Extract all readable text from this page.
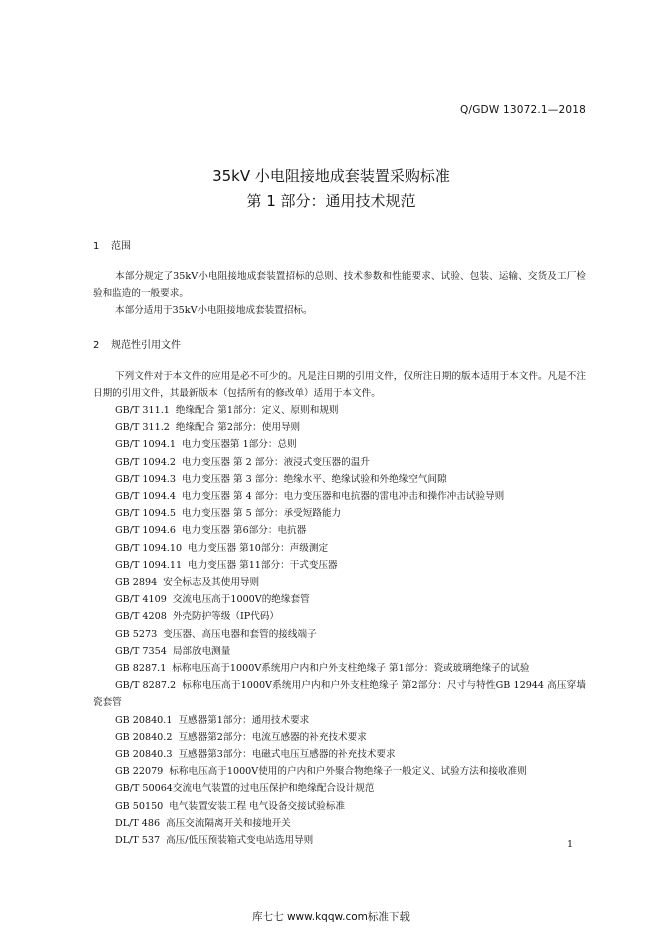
Q/GDW 13072.1—2018
35kV 小电阻接地成套装置采购标准
第 1 部分：通用技术规范
1 范围

本部分规定了35kV小电阻接地成套装置招标的总则、技术参数和性能要求、试验、包装、运输、交货及工厂检验和监造的一般要求。

本部分适用于35kV小电阻接地成套装置招标。

2 规范性引用文件

下列文件对于本文件的应用是必不可少的。凡是注日期的引用文件，仅所注日期的版本适用于本文件。凡是不注日期的引用文件，其最新版本（包括所有的修改单）适用于本文件。

GB/T 311.1 绝缘配合 第1部分：定义、原则和规则
GB/T 311.2 绝缘配合 第2部分：使用导则
GB/T 1094.1 电力变压器第 1部分：总则
GB/T 1094.2 电力变压器 第 2 部分：液浸式变压器的温升
GB/T 1094.3 电力变压器 第 3 部分：绝缘水平、绝缘试验和外绝缘空气间隙
GB/T 1094.4 电力变压器 第 4 部分：电力变压器和电抗器的雷电冲击和操作冲击试验导则
GB/T 1094.5 电力变压器 第 5 部分：承受短路能力
GB/T 1094.6 电力变压器 第6部分：电抗器
GB/T 1094.10 电力变压器 第10部分：声级测定
GB/T 1094.11 电力变压器 第11部分：干式变压器
GB 2894 安全标志及其使用导则
GB/T 4109 交流电压高于1000V的绝缘套管
GB/T 4208 外壳防护等级（IP代码）
GB 5273 变压器、高压电器和套管的接线端子
GB/T 7354 局部放电测量
GB 8287.1 标称电压高于1000V系统用户内和户外支柱绝缘子 第1部分：瓷或玻璃绝缘子的试验
GB/T 8287.2 标称电压高于1000V系统用户内和户外支柱绝缘子 第2部分：尺寸与特性GB 12944 高压穿墙瓷套管
GB 20840.1 互感器第1部分：通用技术要求
GB 20840.2 互感器第2部分：电流互感器的补充技术要求
GB 20840.3 互感器第3部分：电磁式电压互感器的补充技术要求
GB 22079 标称电压高于1000V使用的户内和户外聚合物绝缘子一般定义、试验方法和接收准则
GB/T 50064交流电气装置的过电压保护和绝缘配合设计规范
GB 50150 电气装置安装工程 电气设备交接试验标准
DL/T 486 高压交流隔离开关和接地开关
DL/T 537 高压/低压预装箱式变电站选用导则	1
库七七 www.kqqw.com标准下载
